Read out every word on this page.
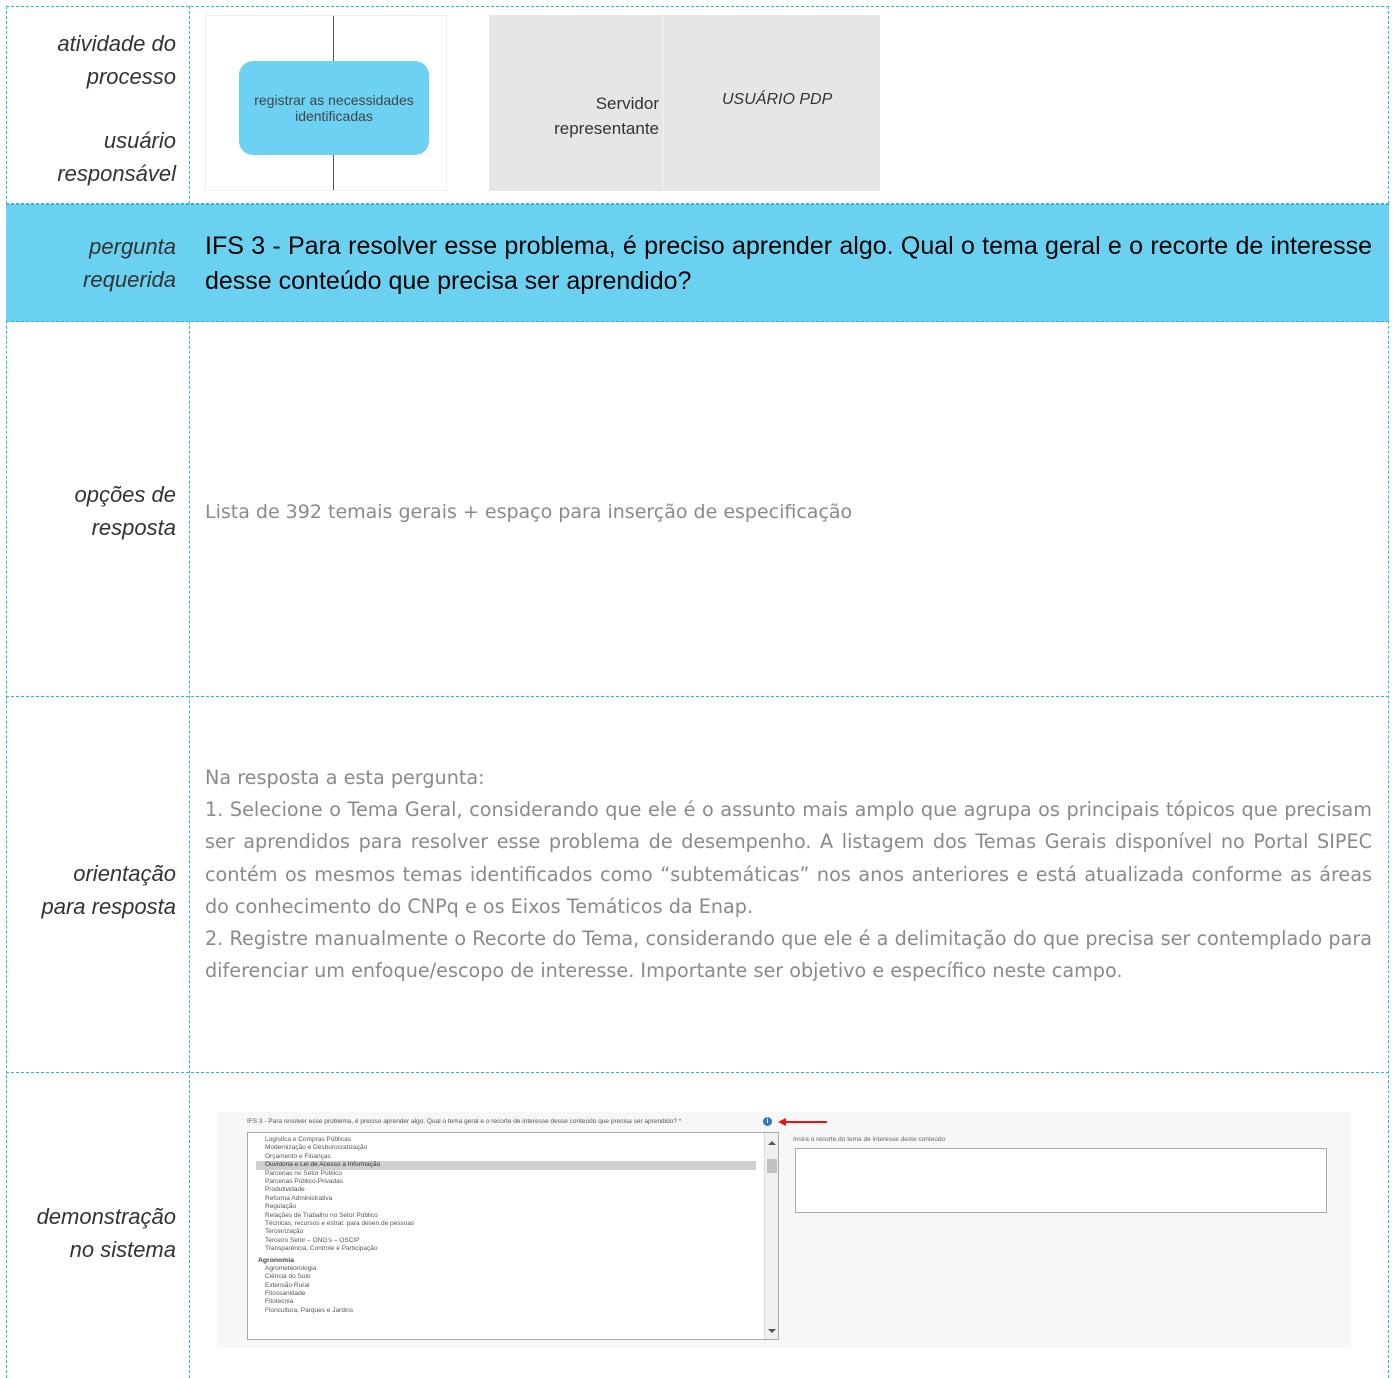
atividade do
processo
usuário
responsável
registrar as necessidades identificadas
Servidor
representante
USUÁRIO PDP
pergunta
requerida
IFS 3 - Para resolver esse problema, é preciso aprender algo. Qual o tema geral e o recorte de interesse desse conteúdo que precisa ser aprendido?
opções de
resposta
Lista de 392 temais gerais + espaço para inserção de especificação
orientação
para resposta

Na resposta a esta pergunta:

1. Selecione o Tema Geral, considerando que ele é o assunto mais amplo que agrupa os principais tópicos que precisam ser aprendidos para resolver esse problema de desempenho. A listagem dos Temas Gerais disponível no Portal SIPEC contém os mesmos temas identificados como “subtemáticas” nos anos anteriores e está atualizada conforme as áreas do conhecimento do CNPq e os Eixos Temáticos da Enap.

2. Registre manualmente o Recorte do Tema, considerando que ele é a delimitação do que precisa ser contemplado para diferenciar um enfoque/escopo de interesse. Importante ser objetivo e específico neste campo.

demonstração
no sistema
IFS 3 - Para resolver esse problema, é preciso aprender algo. Qual o tema geral e o recorte de interesse desse conteúdo que precisa ser aprendido? *	i
Logística e Compras Públicas
Modernização e Desburocratização
Orçamento e Finanças
Ouvidoria e Lei de Acesso à Informação
Parcerias no Setor Público
Parcerias Público-Privadas
Produtividade
Reforma Administrativa
Regulação
Relações de Trabalho no Setor Público
Técnicas, recursos e estrat. para desen.de pessoas
Terceirização
Terceiro Setor – ONG's – OSCIP
Transparência, Controle e Participação
Agronomia
Agrometeorologia
Ciência do Solo
Extensão Rural
Fitossanidade
Fitotecnia
Floricultura, Parques e Jardins
Insira o recorte do tema de interesse deste conteúdo
